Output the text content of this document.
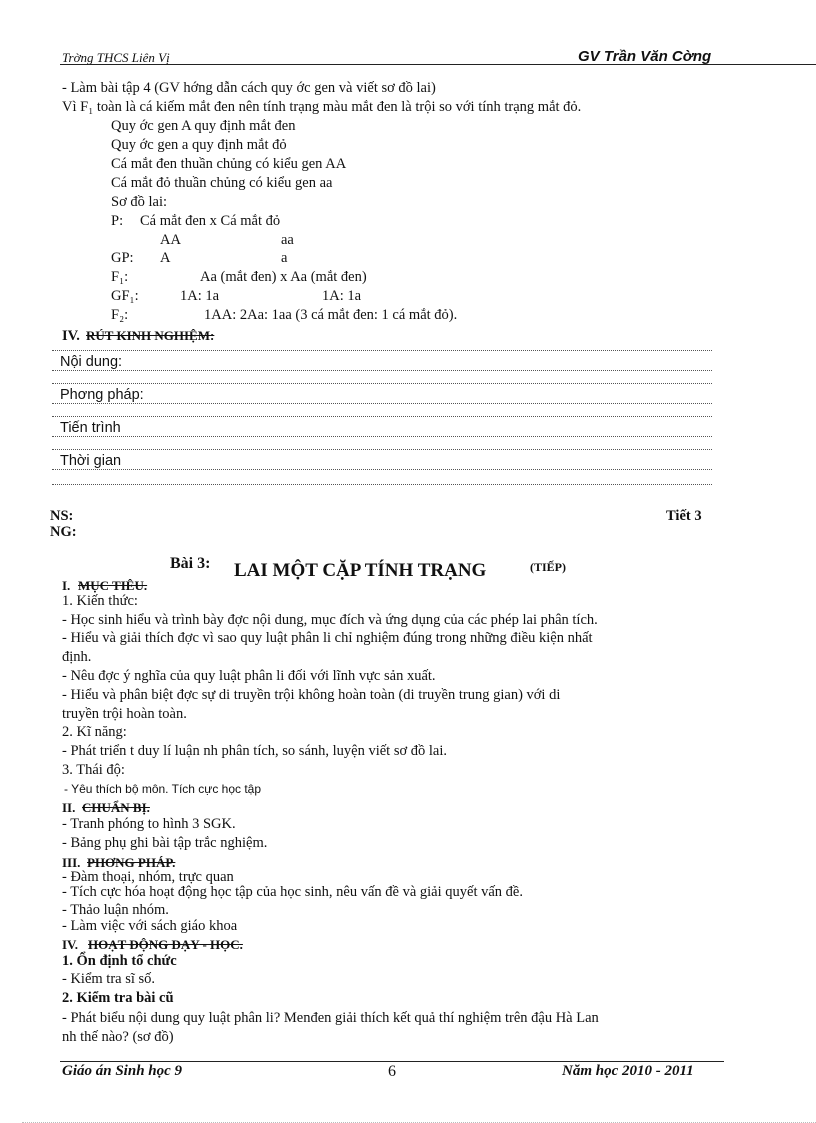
Trờng THCS Liên Vị	GV Trần Văn Cờng
- Làm bài tập 4 (GV hớng dẫn cách quy ớc gen và viết sơ đồ lai)
Vì F₁ toàn là cá kiếm mắt đen nên tính trạng màu mắt đen là trội so với tính trạng mắt đỏ.
Quy ớc gen A quy định mắt đen
Quy ớc gen a quy định mắt đỏ
Cá mắt đen thuần chủng có kiểu gen AA
Cá mắt đỏ thuần chủng có kiểu gen aa
Sơ đồ lai:
P: Cá mắt đen x Cá mắt đỏ
AA	aa
GP: A	a
F₁:	Aa (mắt đen) x Aa (mắt đen)
GF₁:	1A: 1a	1A: 1a
F₂:	1AA: 2Aa: 1aa (3 cá mắt đen: 1 cá mắt đỏ).
IV. RÚT KINH NGHIỆM:
Nội dung:
Phơng pháp:
Tiến trình
Thời gian
NS:
NG:
Tiết 3
Bài 3: LAI MỘT CẶP TÍNH TRẠNG	(TIẾP)
I. MỤC TIÊU.
1. Kiến thức:
- Học sinh hiểu và trình bày đợc nội dung, mục đích và ứng dụng của các phép lai phân tích.
- Hiểu và giải thích đợc vì sao quy luật phân li chỉ nghiệm đúng trong những điều kiện nhất
định.
- Nêu đợc ý nghĩa của quy luật phân li đối với lĩnh vực sản xuất.
- Hiểu và phân biệt đợc sự di truyền trội không hoàn toàn (di truyền trung gian) với di
truyền trội hoàn toàn.
2. Kĩ năng:
- Phát triển t duy lí luận nh phân tích, so sánh, luyện viết sơ đồ lai.
3. Thái độ:
- Yêu thích bộ môn. Tích cực học tập
II. CHUẨN BỊ.
- Tranh phóng to hình 3 SGK.
- Bảng phụ ghi bài tập trắc nghiệm.
III. PHƠNG PHÁP.
- Đàm thoại, nhóm, trực quan
- Tích cực hóa hoạt động học tập của học sinh, nêu vấn đề và giải quyết vấn đề.
- Thảo luận nhóm.
- Làm việc với sách giáo khoa
IV. HOẠT ĐỘNG DẠY - HỌC.
1. Ổn định tổ chức
- Kiểm tra sĩ số.
2. Kiểm tra bài cũ
- Phát biểu nội dung quy luật phân li? Menđen giải thích kết quả thí nghiệm trên đậu Hà Lan
nh thế nào? (sơ đồ)
Giáo án Sinh học 9	6	Năm học 2010 - 2011
